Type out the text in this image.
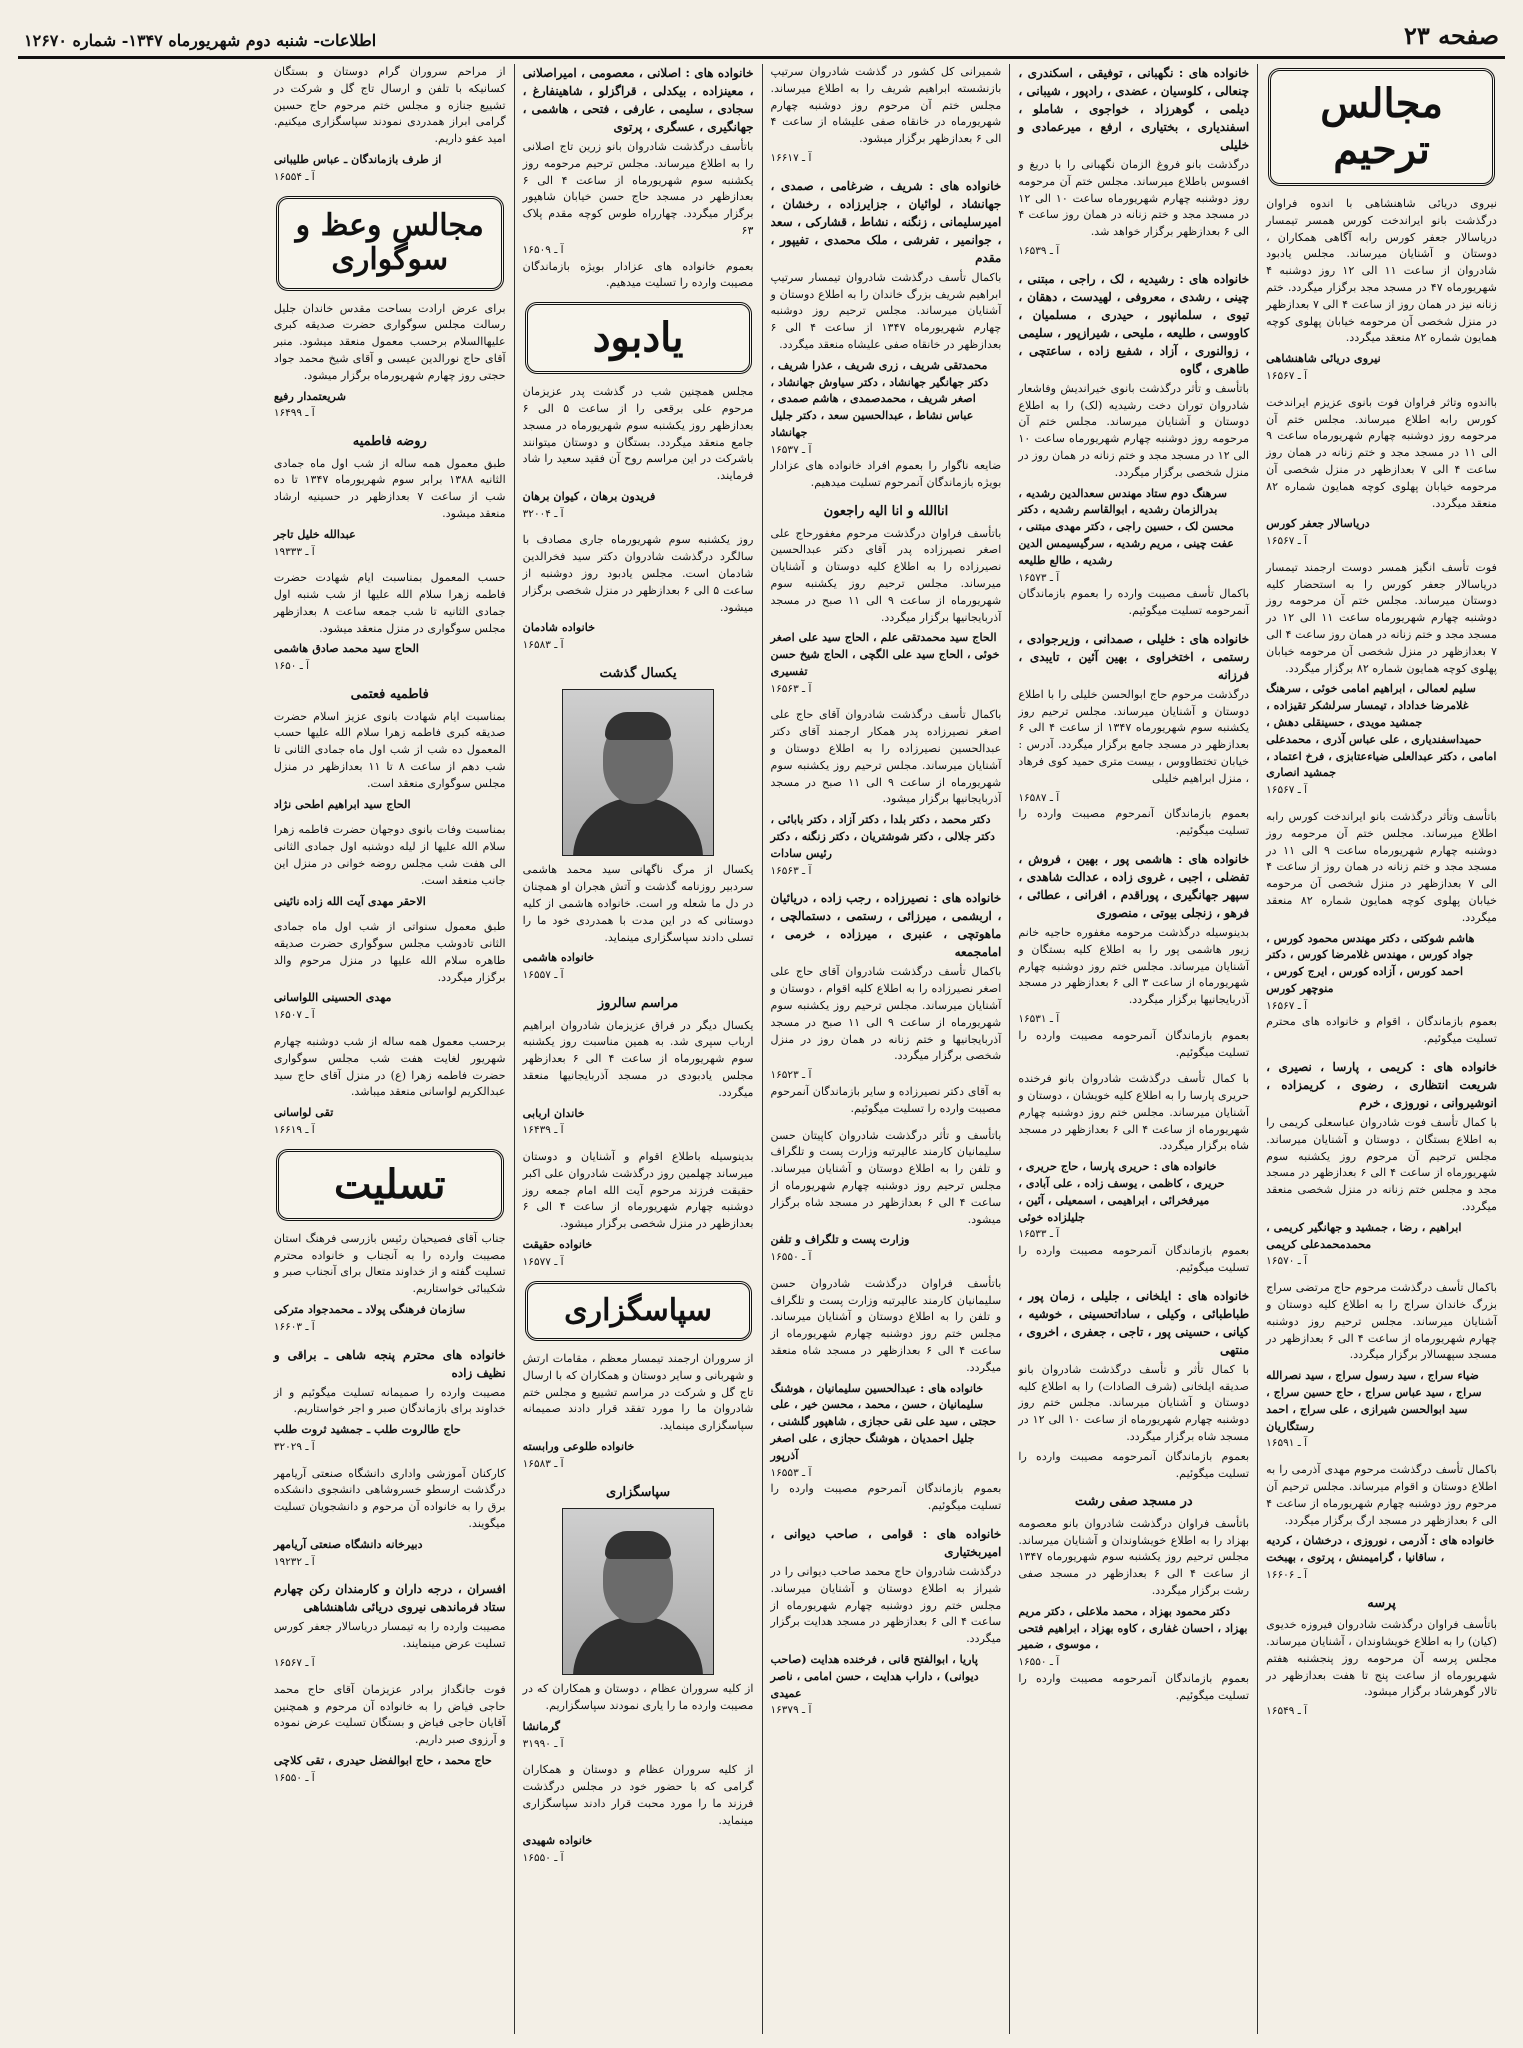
صفحه ۲۳
اطلاعات- شنبه دوم شهریورماه ۱۳۴۷- شماره ۱۲۶۷۰
مجالس ترحیم

نیروی دریائی شاهنشاهی با اندوه فراوان درگذشت بانو ایراندخت کورس همسر تیمسار دریاسالار جعفر کورس رابه آگاهی همکاران ، دوستان و آشنایان میرساند. مجلس یادبود شادروان از ساعت ۱۱ الی ۱۲ روز دوشنبه ۴ شهریورماه ۴۷ در مسجد مجد برگزار میگردد. ختم زنانه نیز در همان روز از ساعت ۴ الی ۷ بعدازظهر در منزل شخصی آن مرحومه خیابان پهلوی کوچه همایون شماره ۸۲ منعقد میگردد.

نیروی دریائی شاهنشاهی
آ ـ ۱۶۵۶۷

بااندوه وتاثر فراوان فوت بانوی عزیزم ایراندخت کورس رابه اطلاع میرساند. مجلس ختم آن مرحومه روز دوشنبه چهارم شهریورماه ساعت ۹ الی ۱۱ در مسجد مجد و ختم زنانه در همان روز ساعت ۴ الی ۷ بعدازظهر در منزل شخصی آن مرحومه خیابان پهلوی کوچه همایون شماره ۸۲ منعقد میگردد.

دریاسالار جعفر کورس
آ ـ ۱۶۵۶۷

فوت تأسف انگیز همسر دوست ارجمند تیمسار دریاسالار جعفر کورس را به استحضار کلیه دوستان میرساند. مجلس ختم آن مرحومه روز دوشنبه چهارم شهریورماه ساعت ۱۱ الی ۱۲ در مسجد مجد و ختم زنانه در همان روز ساعت ۴ الی ۷ بعدازظهر در منزل شخصی آن مرحومه خیابان پهلوی کوچه همایون شماره ۸۲ برگزار میگردد.

سلیم لعمالی ، ابراهیم امامی خوئی ، سرهنگ غلامرضا خداداد ، تیمسار سرلشکر تقیزاده ، جمشید مویدی ، حسینقلی دهش ، حمیداسفندیاری ، علی عباس آذری ، محمدعلی امامی ، دکتر عبدالعلی ضیاءعتابزی ، فرخ اعتماد ، جمشید انصاری
آ ـ ۱۶۵۶۷

باتأسف وتأثر درگذشت بانو ایراندخت کورس رابه اطلاع میرساند. مجلس ختم آن مرحومه روز دوشنبه چهارم شهریورماه ساعت ۹ الی ۱۱ در مسجد مجد و ختم زنانه در همان روز از ساعت ۴ الی ۷ بعدازظهر در منزل شخصی آن مرحومه خیابان پهلوی کوچه همایون شماره ۸۲ منعقد میگردد.

هاشم شوکتی ، دکتر مهندس محمود کورس ، جواد کورس ، مهندس غلامرضا کورس ، دکتر احمد کورس ، آزاده کورس ، ایرج کورس ، منوچهر کورس
آ ـ ۱۶۵۶۷

بعموم بازماندگان ، اقوام و خانواده های محترم تسلیت میگوئیم.

خانواده های : کریمی ، پارسا ، نصیری ، شریعت انتظاری ، رضوی ، کریمزاده ، انوشیروانی ، نوروزی ، خرم

با کمال تأسف فوت شادروان عباسعلی کریمی را به اطلاع بستگان ، دوستان و آشنایان میرساند. مجلس ترحیم آن مرحوم روز یکشنبه سوم شهریورماه از ساعت ۴ الی ۶ بعدازظهر در مسجد مجد و مجلس ختم زنانه در منزل شخصی منعقد میگردد.

ابراهیم ، رضا ، جمشید و جهانگیر کریمی ، محمدمحمدعلی کریمی
آ ـ ۱۶۵۷۰

باکمال تأسف درگذشت مرحوم حاج مرتضی سراج بزرگ خاندان سراج را به اطلاع کلیه دوستان و آشنایان میرساند. مجلس ترحیم روز دوشنبه چهارم شهریورماه از ساعت ۴ الی ۶ بعدازظهر در مسجد سپهسالار برگزار میگردد.

ضیاء سراج ، سید رسول سراج ، سید نصرالله سراج ، سید عباس سراج ، حاج حسین سراج ، سید ابوالحسن شیرازی ، علی سراج ، احمد رستگاریان
آ ـ ۱۶۵۹۱

باکمال تأسف درگذشت مرحوم مهدی آذرمی را به اطلاع دوستان و اقوام میرساند. مجلس ترحیم آن مرحوم روز دوشنبه چهارم شهریورماه از ساعت ۴ الی ۶ بعدازظهر در مسجد ارگ برگزار میگردد.

خانواده های : آذرمی ، نوروزی ، درخشان ، کردیه ، ساقانیا ، گرامیمنش ، پرتوی ، بهبخت
آ ـ ۱۶۶۰۶
پرسه

باتأسف فراوان درگذشت شادروان فیروزه خدیوی (کیان) را به اطلاع خویشاوندان ، آشنایان میرساند. مجلس پرسه آن مرحومه روز پنجشنبه هفتم شهریورماه از ساعت پنج تا هفت بعدازظهر در تالار گوهرشاد برگزار میشود.

آ ـ ۱۶۵۴۹
خانواده های : نگهبانی ، توفیقی ، اسکندری ، چنعالی ، کلوسیان ، عضدی ، رادپور ، شیبانی ، دیلمی ، گوهرزاد ، خواجوی ، شاملو ، اسفندیاری ، بختیاری ، ارفع ، میرعمادی و خلیلی

درگذشت بانو فروغ الزمان نگهبانی را با دریغ و افسوس باطلاع میرساند. مجلس ختم آن مرحومه روز دوشنبه چهارم شهریورماه ساعت ۱۰ الی ۱۲ در مسجد مجد و ختم زنانه در همان روز ساعت ۴ الی ۶ بعدازظهر برگزار خواهد شد.

آ ـ ۱۶۵۳۹
خانواده های : رشیدیه ، لک ، راجی ، مبتنی ، چینی ، رشدی ، معروفی ، لهیدست ، دهقان ، تیوی ، سلمانپور ، حیدری ، مسلمیان ، کاووسی ، طلیعه ، ملیحی ، شیرازپور ، سلیمی ، زوالنوری ، آزاد ، شفیع زاده ، ساعتچی ، طاهری ، گاوه

باتأسف و تأثر درگذشت بانوی خیراندیش وفاشعار شادروان توران دخت رشیدیه (لک) را به اطلاع دوستان و آشنایان میرساند. مجلس ختم آن مرحومه روز دوشنبه چهارم شهریورماه ساعت ۱۰ الی ۱۲ در مسجد مجد و ختم زنانه در همان روز در منزل شخصی برگزار میگردد.

سرهنگ دوم ستاد مهندس سعدالدین رشدیه ، بدرالزمان رشدیه ، ابوالقاسم رشدیه ، دکتر محسن لک ، حسین راجی ، دکتر مهدی مبتنی ، عفت چینی ، مریم رشدیه ، سرگیسیمس الدین رشدیه ، طالع طلیعه
آ ـ ۱۶۵۷۳

باکمال تأسف مصیبت وارده را بعموم بازماندگان آنمرحومه تسلیت میگوئیم.

خانواده های : خلیلی ، صمدانی ، وزیرجوادی ، رستمی ، اختخراوی ، بهین آئین ، تایبدی ، فرزانه

درگذشت مرحوم حاج ابوالحسن خلیلی را با اطلاع دوستان و آشنایان میرساند. مجلس ترحیم روز یکشنبه سوم شهریورماه ۱۳۴۷ از ساعت ۴ الی ۶ بعدازظهر در مسجد جامع برگزار میگردد. آدرس : خیابان تختطاووس ، بیست متری حمید کوی فرهاد ، منزل ابراهیم خلیلی

آ ـ ۱۶۵۸۷

بعموم بازماندگان آنمرحوم مصیبت وارده را تسلیت میگوئیم.

خانواده های : هاشمی پور ، بهین ، فروش ، تفضلی ، اجبی ، غروی زاده ، عدالت شاهدی ، سپهر جهانگیری ، پوراقدم ، افرانی ، عطائی ، فرهو ، زنجلی بیوتی ، منصوری

بدینوسیله درگذشت مرحومه مغفوره حاجیه خانم زیور هاشمی پور را به اطلاع کلیه بستگان و آشنایان میرساند. مجلس ختم روز دوشنبه چهارم شهریورماه از ساعت ۳ الی ۶ بعدازظهر در مسجد آذربایجانیها برگزار میگردد.

آ ـ ۱۶۵۳۱

بعموم بازماندگان آنمرحومه مصیبت وارده را تسلیت میگوئیم.

با کمال تأسف درگذشت شادروان بانو فرخنده حریری پارسا را به اطلاع کلیه خویشان ، دوستان و آشنایان میرساند. مجلس ختم روز دوشنبه چهارم شهریورماه از ساعت ۴ الی ۶ بعدازظهر در مسجد شاه برگزار میگردد.

خانواده های : حریری پارسا ، حاج حریری ، حریری ، کاظمی ، یوسف زاده ، علی آبادی ، میرفخرائی ، ابراهیمی ، اسمعیلی ، آئین ، جلیلزاده خوئی
آ ـ ۱۶۵۳۳

بعموم بازماندگان آنمرحومه مصیبت وارده را تسلیت میگوئیم.

خانواده های : ایلخانی ، جلیلی ، زمان پور ، طباطبائی ، وکیلی ، ساداتحسینی ، خوشیه ، کیانی ، حسینی پور ، تاجی ، جعفری ، اخروی ، منتهی

با کمال تأثر و تأسف درگذشت شادروان بانو صدیقه ایلخانی (شرف الصادات) را به اطلاع کلیه دوستان و آشنایان میرساند. مجلس ختم روز دوشنبه چهارم شهریورماه از ساعت ۱۰ الی ۱۲ در مسجد شاه برگزار میگردد.

بعموم بازماندگان آنمرحومه مصیبت وارده را تسلیت میگوئیم.

در مسجد صفی رشت

باتأسف فراوان درگذشت شادروان بانو معصومه بهزاد را به اطلاع خویشاوندان و آشنایان میرساند. مجلس ترحیم روز یکشنبه سوم شهریورماه ۱۳۴۷ از ساعت ۴ الی ۶ بعدازظهر در مسجد صفی رشت برگزار میگردد.

دکتر محمود بهزاد ، محمد ملاعلی ، دکتر مریم بهزاد ، احسان غفاری ، کاوه بهزاد ، ابراهیم فتحی ، موسوی ، ضمیر
آ ـ ۱۶۵۵۰

بعموم بازماندگان آنمرحومه مصیبت وارده را تسلیت میگوئیم.

شمیرانی کل کشور در گذشت شادروان سرتیپ بازنشسته ابراهیم شریف را به اطلاع میرساند. مجلس ختم آن مرحوم روز دوشنبه چهارم شهریورماه در خانقاه صفی علیشاه از ساعت ۴ الی ۶ بعدازظهر برگزار میشود.

آ ـ ۱۶۶۱۷
خانواده های : شریف ، ضرغامی ، صمدی ، جهانشاد ، لوائیان ، جزایرزاده ، رخشان ، امیرسلیمانی ، زنگنه ، نشاط ، قشارکی ، سعد ، جوانمیر ، تفرشی ، ملک محمدی ، تفیپور ، مقدم

باکمال تأسف درگذشت شادروان تیمسار سرتیپ ابراهیم شریف بزرگ خاندان را به اطلاع دوستان و آشنایان میرساند. مجلس ترحیم روز دوشنبه چهارم شهریورماه ۱۳۴۷ از ساعت ۴ الی ۶ بعدازظهر در خانقاه صفی علیشاه منعقد میگردد.

محمدتقی شریف ، زری شریف ، عذرا شریف ، دکتر جهانگیر جهانشاد ، دکتر سیاوش جهانشاد ، اصغر شریف ، محمدصمدی ، هاشم صمدی ، عباس نشاط ، عبدالحسین سعد ، دکتر جلیل جهانشاد
آ ـ ۱۶۵۳۷

ضایعه ناگوار را بعموم افراد خانواده های عزادار بویژه بازماندگان آنمرحوم تسلیت میدهیم.

اناالله و انا الیه راجعون

باتأسف فراوان درگذشت مرحوم مغفورحاج علی اصغر نصیرزاده پدر آقای دکتر عبدالحسین نصیرزاده را به اطلاع کلیه دوستان و آشنایان میرساند. مجلس ترحیم روز یکشنبه سوم شهریورماه از ساعت ۹ الی ۱۱ صبح در مسجد آذربایجانیها برگزار میگردد.

الحاج سید محمدتقی علم ، الحاج سید علی اصغر خوئی ، الحاج سید علی الگچی ، الحاج شیخ حسن تفسیری
آ ـ ۱۶۵۶۳

باکمال تأسف درگذشت شادروان آقای حاج علی اصغر نصیرزاده پدر همکار ارجمند آقای دکتر عبدالحسین نصیرزاده را به اطلاع دوستان و آشنایان میرساند. مجلس ترحیم روز یکشنبه سوم شهریورماه از ساعت ۹ الی ۱۱ صبح در مسجد آذربایجانیها برگزار میشود.

دکتر محمد ، دکتر بلدا ، دکتر آزاد ، دکتر بابائی ، دکتر جلالی ، دکتر شوشتریان ، دکتر زنگنه ، دکتر رئیس سادات
آ ـ ۱۶۵۶۳
خانواده های : نصیرزاده ، رجب زاده ، دریائیان ، اربشمی ، میرزائی ، رستمی ، دستمالچی ، ماهوتچی ، عنبری ، میرزاده ، خرمی ، امامجمعه

باکمال تأسف درگذشت شادروان آقای حاج علی اصغر نصیرزاده را به اطلاع کلیه اقوام ، دوستان و آشنایان میرساند. مجلس ترحیم روز یکشنبه سوم شهریورماه از ساعت ۹ الی ۱۱ صبح در مسجد آذربایجانیها و ختم زنانه در همان روز در منزل شخصی برگزار میگردد.

آ ـ ۱۶۵۲۳

به آقای دکتر نصیرزاده و سایر بازماندگان آنمرحوم مصیبت وارده را تسلیت میگوئیم.

باتأسف و تأثر درگذشت شادروان کاپیتان حسن سلیمانیان کارمند عالیرتبه وزارت پست و تلگراف و تلفن را به اطلاع دوستان و آشنایان میرساند. مجلس ترحیم روز دوشنبه چهارم شهریورماه از ساعت ۴ الی ۶ بعدازظهر در مسجد شاه برگزار میشود.

وزارت پست و تلگراف و تلفن
آ ـ ۱۶۵۵۰

باتأسف فراوان درگذشت شادروان حسن سلیمانیان کارمند عالیرتبه وزارت پست و تلگراف و تلفن را به اطلاع دوستان و آشنایان میرساند. مجلس ختم روز دوشنبه چهارم شهریورماه از ساعت ۴ الی ۶ بعدازظهر در مسجد شاه منعقد میگردد.

خانواده های : عبدالحسین سلیمانیان ، هوشنگ سلیمانیان ، حسن ، محمد ، محسن خیر ، علی حجتی ، سید علی نقی حجازی ، شاهپور گلشنی ، جلیل احمدیان ، هوشنگ حجازی ، علی اصغر آذرپور
آ ـ ۱۶۵۵۳

بعموم بازماندگان آنمرحوم مصیبت وارده را تسلیت میگوئیم.

خانواده های : قوامی ، صاحب دیوانی ، امیربختیاری

درگذشت شادروان حاج محمد صاحب دیوانی را در شیراز به اطلاع دوستان و آشنایان میرساند. مجلس ختم روز دوشنبه چهارم شهریورماه از ساعت ۴ الی ۶ بعدازظهر در مسجد هدایت برگزار میگردد.

پاریا ، ابوالفتح قانی ، فرخنده هدایت (صاحب دیوانی) ، داراب هدایت ، حسن امامی ، ناصر عمیدی
آ ـ ۱۶۳۷۹
خانواده های : اصلانی ، معصومی ، امیراصلانی ، معینزاده ، بیکدلی ، قراگزلو ، شاهینفارغ ، سجادی ، سلیمی ، عارفی ، فتحی ، هاشمی ، جهانگیری ، عسگری ، پرتوی

باتأسف درگذشت شادروان بانو زرین تاج اصلانی را به اطلاع میرساند. مجلس ترحیم مرحومه روز یکشنبه سوم شهریورماه از ساعت ۴ الی ۶ بعدازظهر در مسجد حاج حسن خیابان شاهپور برگزار میگردد. چهارراه طوس کوچه مقدم پلاک ۶۳

آ ـ ۱۶۵۰۹

بعموم خانواده های عزادار بویژه بازماندگان مصیبت وارده را تسلیت میدهیم.

یادبود

مجلس همچنین شب در گذشت پدر عزیزمان مرحوم علی برقعی را از ساعت ۵ الی ۶ بعدازظهر روز یکشنبه سوم شهریورماه در مسجد جامع منعقد میگردد. بستگان و دوستان میتوانند باشرکت در این مراسم روح آن فقید سعید را شاد فرمایند.

فریدون برهان ، کیوان برهان
آ ـ ۳۲۰۰۴

روز یکشنبه سوم شهریورماه جاری مصادف با سالگرد درگذشت شادروان دکتر سید فخرالدین شادمان است. مجلس یادبود روز دوشنبه از ساعت ۵ الی ۶ بعدازظهر در منزل شخصی برگزار میشود.

خانواده شادمان
آ ـ ۱۶۵۸۳
یکسال گذشت

یکسال از مرگ ناگهانی سید محمد هاشمی سردبیر روزنامه گذشت و آتش هجران او همچنان در دل ما شعله ور است. خانواده هاشمی از کلیه دوستانی که در این مدت با همدردی خود ما را تسلی دادند سپاسگزاری مینماید.

خانواده هاشمی
آ ـ ۱۶۵۵۷
مراسم سالروز

یکسال دیگر در فراق عزیزمان شادروان ابراهیم ارباب سپری شد. به همین مناسبت روز یکشنبه سوم شهریورماه از ساعت ۴ الی ۶ بعدازظهر مجلس یادبودی در مسجد آذربایجانیها منعقد میگردد.

خاندان اربابی
آ ـ ۱۶۴۳۹

بدینوسیله باطلاع اقوام و آشنایان و دوستان میرساند چهلمین روز درگذشت شادروان علی اکبر حقیقت فرزند مرحوم آیت الله امام جمعه روز دوشنبه چهارم شهریورماه از ساعت ۴ الی ۶ بعدازظهر در منزل شخصی برگزار میشود.

خانواده حقیقت
آ ـ ۱۶۵۷۷
سپاسگزاری

از سروران ارجمند تیمسار معظم ، مقامات ارتش و شهربانی و سایر دوستان و همکاران که با ارسال تاج گل و شرکت در مراسم تشییع و مجلس ختم شادروان ما را مورد تفقد قرار دادند صمیمانه سپاسگزاری مینماید.

خانواده طلوعی ورابسته
آ ـ ۱۶۵۸۳
سپاسگزاری

از کلیه سروران عظام ، دوستان و همکاران که در مصیبت وارده ما را یاری نمودند سپاسگزاریم.

گرمانشا
آ ـ ۳۱۹۹۰

از کلیه سروران عظام و دوستان و همکاران گرامی که با حضور خود در مجلس درگذشت فرزند ما را مورد محبت قرار دادند سپاسگزاری مینماید.

خانواده شهیدی
آ ـ ۱۶۵۵۰

از مراحم سروران گرام دوستان و بستگان کسانیکه با تلفن و ارسال تاج گل و شرکت در تشییع جنازه و مجلس ختم مرحوم حاج حسین گرامی ابراز همدردی نمودند سپاسگزاری میکنیم. امید عفو داریم.

از طرف بازماندگان ـ عباس طلیبانی
آ ـ ۱۶۵۵۴
مجالس وعظ و سوگواری

برای عرض ارادت بساحت مقدس خاندان جلیل رسالت مجلس سوگواری حضرت صدیقه کبری علیهاالسلام برحسب معمول منعقد میشود. منبر آقای حاج نورالدین عیسی و آقای شیخ محمد جواد حجتی روز چهارم شهریورماه برگزار میشود.

شریعتمدار رفیع
آ ـ ۱۶۴۹۹
روضه فاطمیه

طبق معمول همه ساله از شب اول ماه جمادی الثانیه ۱۳۸۸ برابر سوم شهریورماه ۱۳۴۷ تا ده شب از ساعت ۷ بعدازظهر در حسینیه ارشاد منعقد میشود.

عبدالله خلیل تاجر
آ ـ ۱۹۳۳۳

حسب المعمول بمناسبت ایام شهادت حضرت فاطمه زهرا سلام الله علیها از شب شنبه اول جمادی الثانیه تا شب جمعه ساعت ۸ بعدازظهر مجلس سوگواری در منزل منعقد میشود.

الحاج سید محمد صادق هاشمی
آ ـ ۱۶۵۰
فاطمیه فعتمی

بمناسبت ایام شهادت بانوی عزیز اسلام حضرت صدیقه کبری فاطمه زهرا سلام الله علیها حسب المعمول ده شب از شب اول ماه جمادی الثانی تا شب دهم از ساعت ۸ تا ۱۱ بعدازظهر در منزل مجلس سوگواری منعقد است.

الحاج سید ابراهیم اطحی نژاد

بمناسبت وفات بانوی دوجهان حضرت فاطمه زهرا سلام الله علیها از لیله دوشنبه اول جمادی الثانی الی هفت شب مجلس روضه خوانی در منزل این جانب منعقد است.

الاحقر مهدی آیت الله زاده نائینی

طبق معمول سنواتی از شب اول ماه جمادی الثانی تادوشب مجلس سوگواری حضرت صدیقه طاهره سلام الله علیها در منزل مرحوم والد برگزار میگردد.

مهدی الحسینی اللواسانی
آ ـ ۱۶۵۰۷

برحسب معمول همه ساله از شب دوشنبه چهارم شهریور لغایت هفت شب مجلس سوگواری حضرت فاطمه زهرا (ع) در منزل آقای حاج سید عبدالکریم لواسانی منعقد میباشد.

تقی لواسانی
آ ـ ۱۶۶۱۹
تسلیت

جناب آقای فصیحیان رئیس بازرسی فرهنگ استان مصیبت وارده را به آنجناب و خانواده محترم تسلیت گفته و از خداوند متعال برای آنجناب صبر و شکیبائی خواستاریم.

سازمان فرهنگی پولاد ـ محمدجواد مترکی
آ ـ ۱۶۶۰۳
خانواده های محترم پنجه شاهی ـ براقی و نظیف زاده

مصیبت وارده را صمیمانه تسلیت میگوئیم و از خداوند برای بازماندگان صبر و اجر خواستاریم.

حاج طالروت طلب ـ جمشید ثروت طلب
آ ـ ۳۲۰۲۹

کارکنان آموزشی واداری دانشگاه صنعتی آریامهر درگذشت ارسطو خسروشاهی دانشجوی دانشکده برق را به خانواده آن مرحوم و دانشجویان تسلیت میگویند.

دبیرخانه دانشگاه صنعتی آریامهر
آ ـ ۱۹۲۳۲
افسران ، درجه داران و کارمندان رکن چهارم ستاد فرماندهی نیروی دریائی شاهنشاهی

مصیبت وارده را به تیمسار دریاسالار جعفر کورس تسلیت عرض مینمایند.

آ ـ ۱۶۵۶۷

فوت جانگداز برادر عزیزمان آقای حاج محمد حاجی فیاض را به خانواده آن مرحوم و همچنین آقایان حاجی فیاض و بستگان تسلیت عرض نموده و آرزوی صبر داریم.

حاج محمد ، حاج ابوالفضل حیدری ، تقی کلاچی
آ ـ ۱۶۵۵۰
